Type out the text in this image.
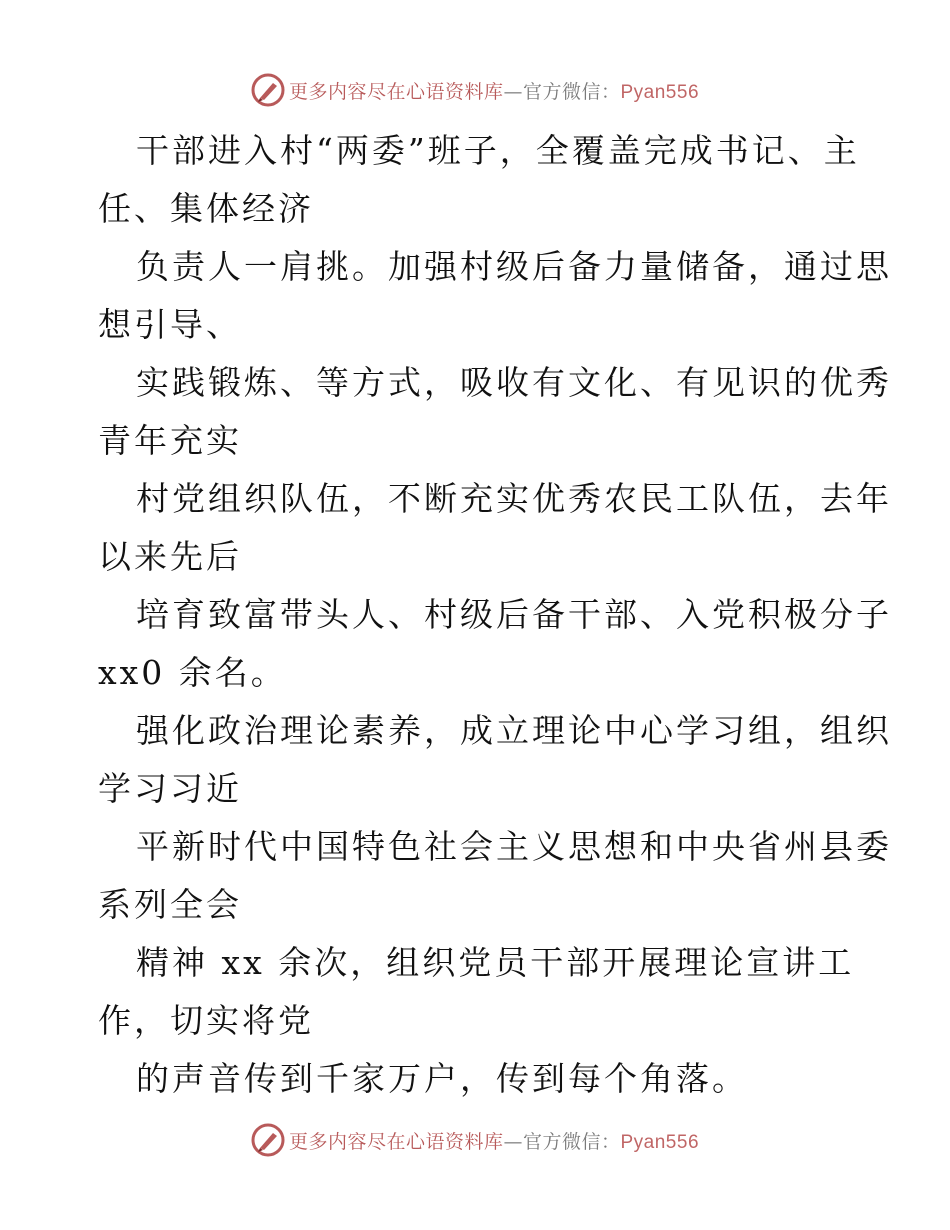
更多内容尽在心语资料库—官方微信：Pyan556
干部进入村“两委”班子，全覆盖完成书记、主
任、集体经济
负责人一肩挑。加强村级后备力量储备，通过思
想引导、
实践锻炼、等方式，吸收有文化、有见识的优秀
青年充实
村党组织队伍，不断充实优秀农民工队伍，去年
以来先后
培育致富带头人、村级后备干部、入党积极分子
xx0 余名。
强化政治理论素养，成立理论中心学习组，组织
学习习近
平新时代中国特色社会主义思想和中央省州县委
系列全会
精神 xx 余次，组织党员干部开展理论宣讲工
作，切实将党
的声音传到千家万户，传到每个角落。
更多内容尽在心语资料库—官方微信：Pyan556
